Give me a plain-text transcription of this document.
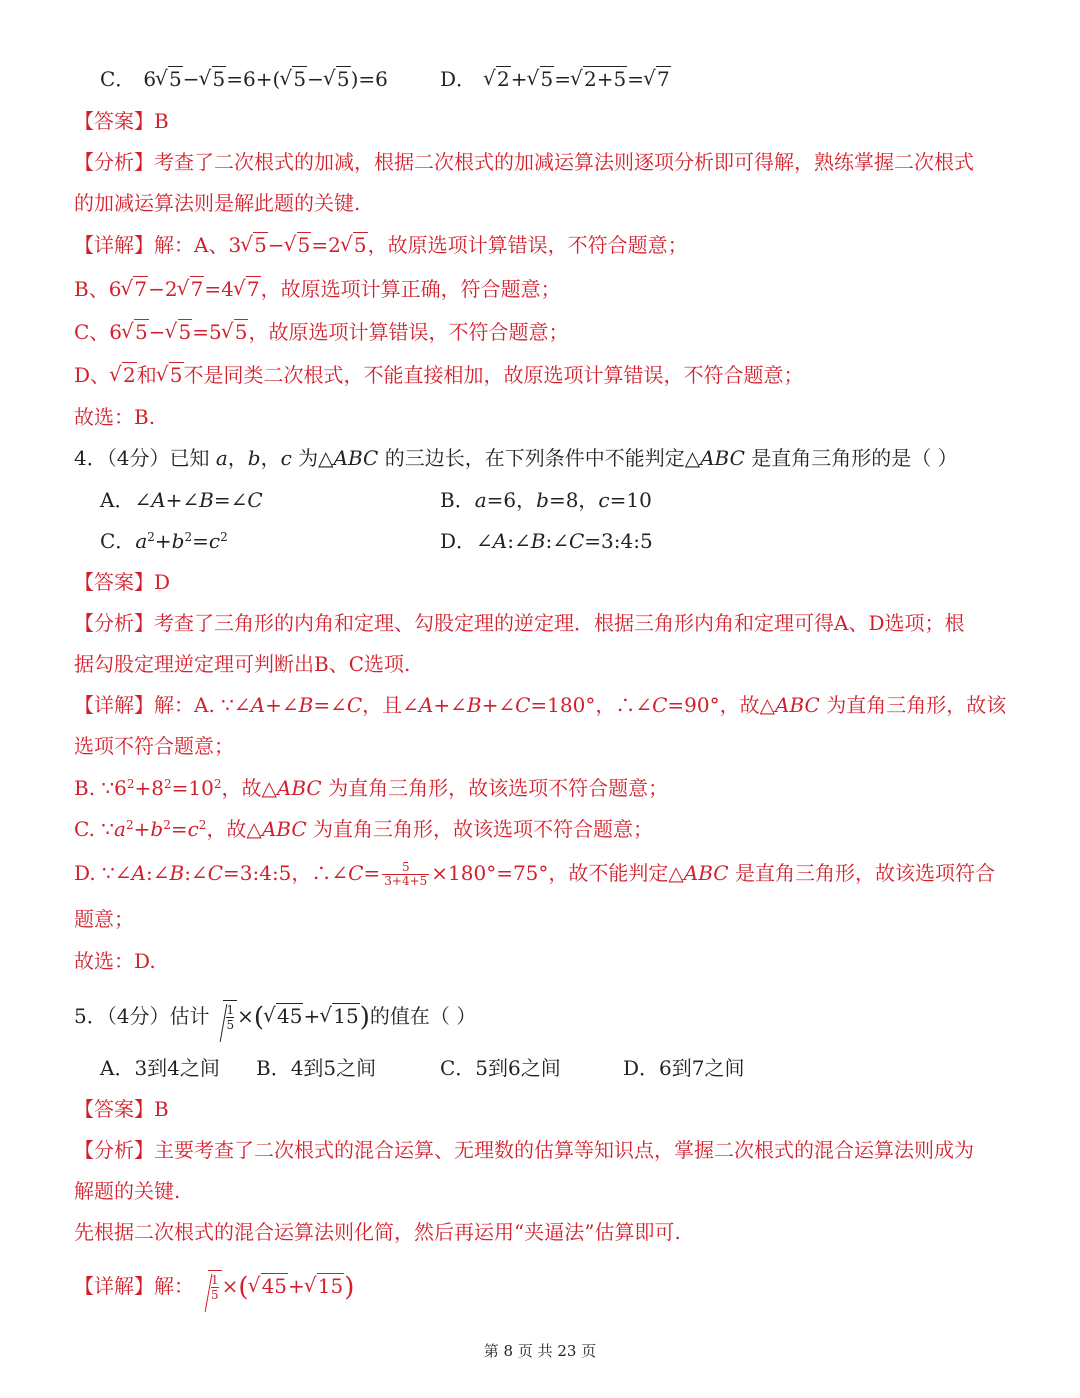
C． 6 √ 5− √ 5=6+( √ 5− √ 5)=6	D． √ 2+ √ 5= √ 2+5= √ 7
【答案】B
【分析】考查了二次根式的加减，根据二次根式的加减运算法则逐项分析即可得解，熟练掌握二次根式
的加减运算法则是解此题的关键.
【详解】解：A、3 √ 5− √ 5=2 √ 5，故原选项计算错误，不符合题意；
B、6 √ 7−2 √ 7=4 √ 7，故原选项计算正确，符合题意；
C、6 √ 5− √ 5=5 √ 5，故原选项计算错误，不符合题意；
D、 √ 2和 √ 5不是同类二次根式，不能直接相加，故原选项计算错误，不符合题意；
故选：B.
4．（4分）已知 a，b，c 为△ABC 的三边长，在下列条件中不能判定△ABC 是直角三角形的是（ ）
A．∠A+∠B=∠C	B．a=6，b=8，c=10
C．$a^2+b^2=c^2$	D．∠A:∠B:∠C=3:4:5
【答案】D
【分析】考查了三角形的内角和定理、勾股定理的逆定理．根据三角形内角和定理可得A、D选项；根
据勾股定理逆定理可判断出B、C选项.
【详解】解：A. ∵∠A+∠B=∠C，且∠A+∠B+∠C=180°，∴∠C=90°，故△ABC 为直角三角形，故该
选项不符合题意；
B. $\because 6^2+8^2=10^2$，故△ABC 为直角三角形，故该选项不符合题意；
C. $\because a^2+b^2=c^2$，故△ABC 为直角三角形，故该选项不符合题意；
D. ∵∠A:∠B:∠C=3:4:5，∴∠C= $\frac{5}{3+4+5} \times 180^\circ=75^\circ$，故不能判定△ABC 是直角三角形，故该选项符合
题意；
故选：D.
5．（4分）估计 $\frac{1}{5}$ ×( √ 45+ √ 15)的值在（ ）
A．3到4之间 B．4到5之间	C．5到6之间	D．6到7之间
【答案】B
【分析】主要考查了二次根式的混合运算、无理数的估算等知识点，掌握二次根式的混合运算法则成为
解题的关键.
先根据二次根式的混合运算法则化简，然后再运用“夹逼法”估算即可.
【详解】解： $\frac{1}{5}$ ×( √ 45+ √ 15)
第 8 页 共 23 页
